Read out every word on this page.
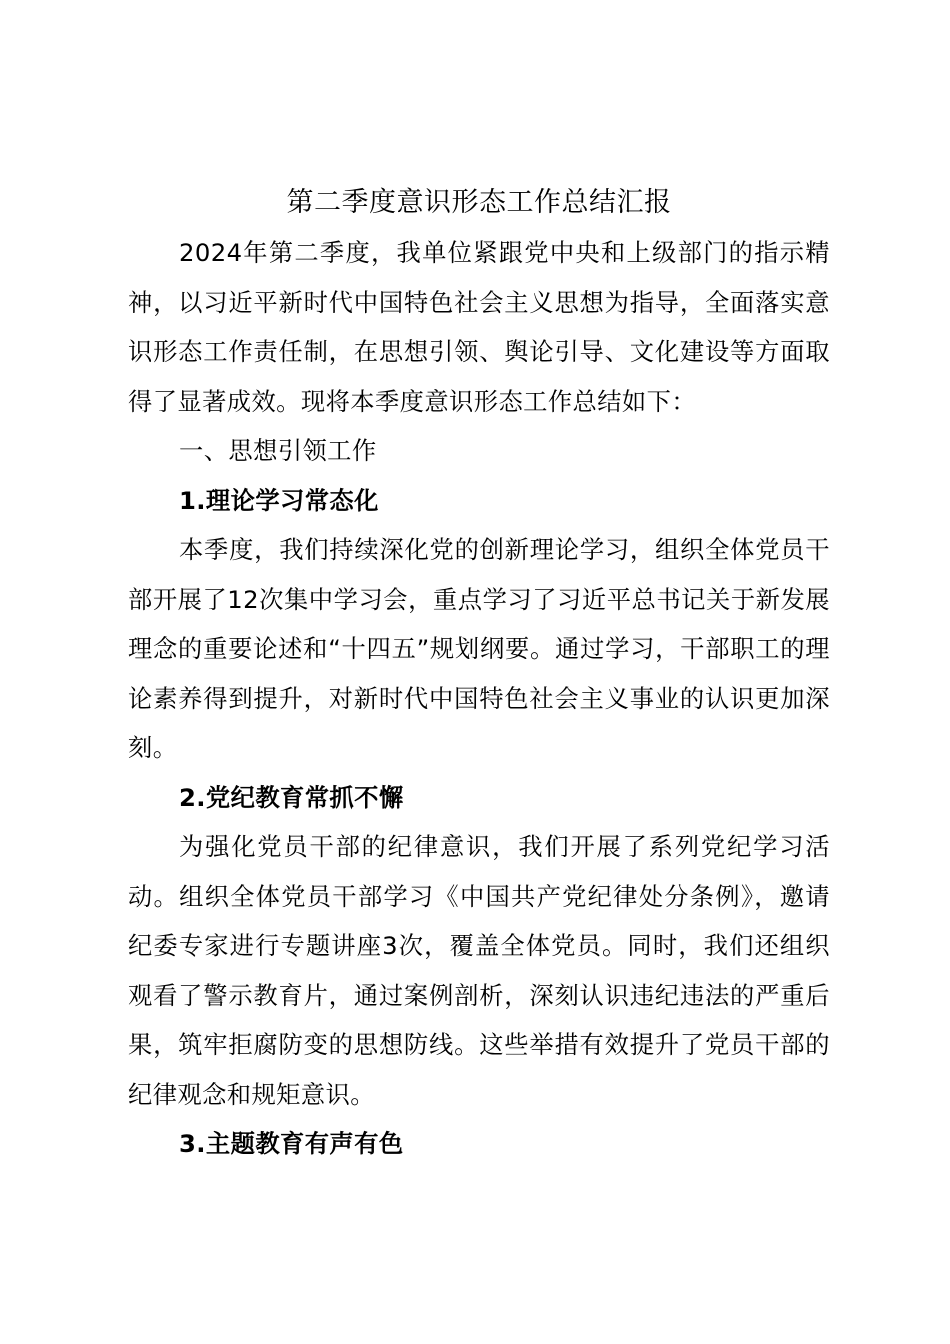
第二季度意识形态工作总结汇报

2024年第二季度，我单位紧跟党中央和上级部门的指示精神，以习近平新时代中国特色社会主义思想为指导，全面落实意识形态工作责任制，在思想引领、舆论引导、文化建设等方面取得了显著成效。现将本季度意识形态工作总结如下：

一、思想引领工作

1.理论学习常态化

本季度，我们持续深化党的创新理论学习，组织全体党员干部开展了12次集中学习会，重点学习了习近平总书记关于新发展理念的重要论述和“十四五”规划纲要。通过学习，干部职工的理论素养得到提升，对新时代中国特色社会主义事业的认识更加深刻。

2.党纪教育常抓不懈

为强化党员干部的纪律意识，我们开展了系列党纪学习活动。组织全体党员干部学习《中国共产党纪律处分条例》，邀请纪委专家进行专题讲座3次，覆盖全体党员。同时，我们还组织观看了警示教育片，通过案例剖析，深刻认识违纪违法的严重后果，筑牢拒腐防变的思想防线。这些举措有效提升了党员干部的纪律观念和规矩意识。

3.主题教育有声有色
